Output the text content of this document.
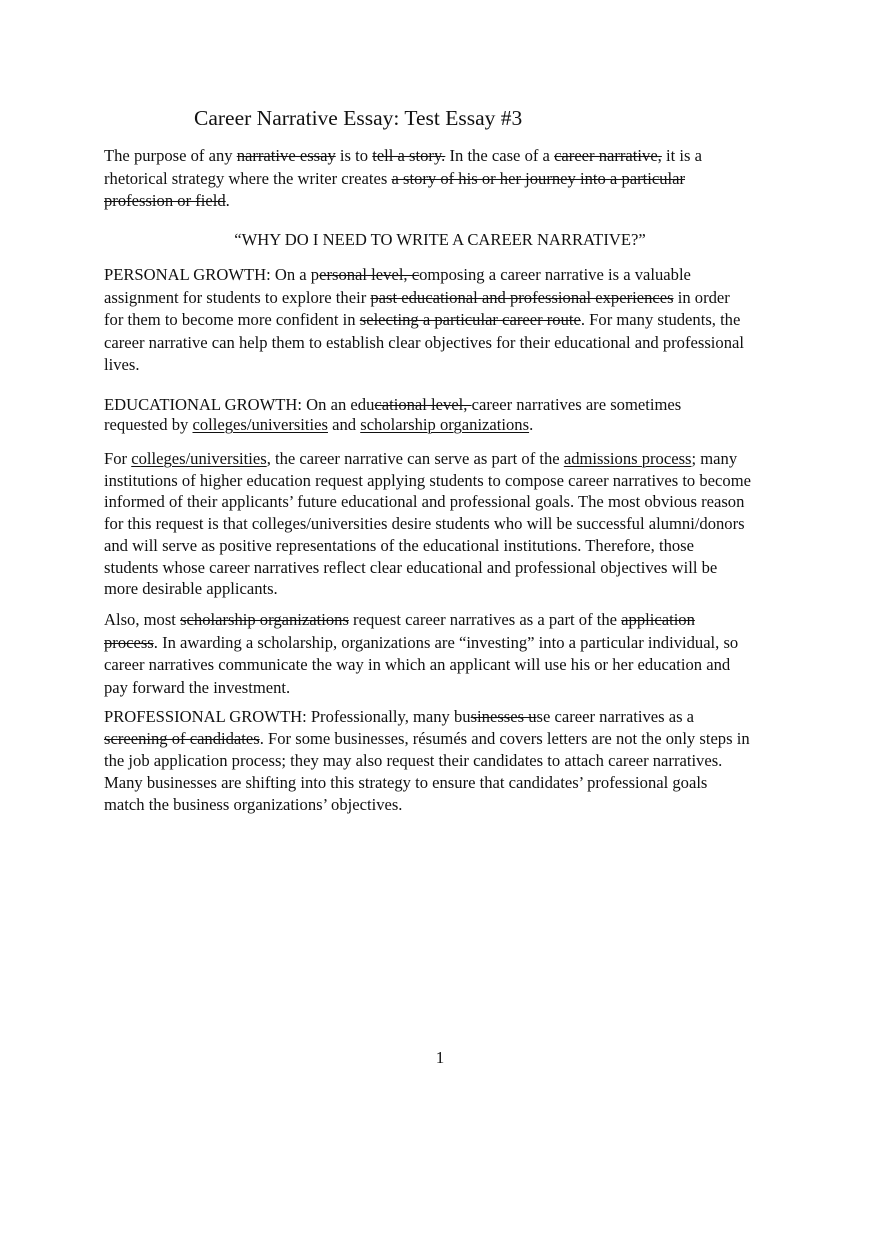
Career Narrative Essay: Test Essay #3
The purpose of any narrative essay is to tell a story. In the case of a career narrative, it is a
rhetorical strategy where the writer creates a story of his or her journey into a particular
profession or field.
“WHY DO I NEED TO WRITE A CAREER NARRATIVE?”
PERSONAL GROWTH: On a personal level, composing a career narrative is a valuable
assignment for students to explore their past educational and professional experiences in order
for them to become more confident in selecting a particular career route. For many students, the
career narrative can help them to establish clear objectives for their educational and professional
lives.
EDUCATIONAL GROWTH: On an educational level, career narratives are sometimes
requested by colleges/universities and scholarship organizations.
For colleges/universities, the career narrative can serve as part of the admissions process; many
institutions of higher education request applying students to compose career narratives to become
informed of their applicants’ future educational and professional goals. The most obvious reason
for this request is that colleges/universities desire students who will be successful alumni/donors
and will serve as positive representations of the educational institutions. Therefore, those
students whose career narratives reflect clear educational and professional objectives will be
more desirable applicants.
Also, most scholarship organizations request career narratives as a part of the application
process. In awarding a scholarship, organizations are “investing” into a particular individual, so
career narratives communicate the way in which an applicant will use his or her education and
pay forward the investment.
PROFESSIONAL GROWTH: Professionally, many businesses use career narratives as a
screening of candidates. For some businesses, résumés and covers letters are not the only steps in
the job application process; they may also request their candidates to attach career narratives.
Many businesses are shifting into this strategy to ensure that candidates’ professional goals
match the business organizations’ objectives.
1
